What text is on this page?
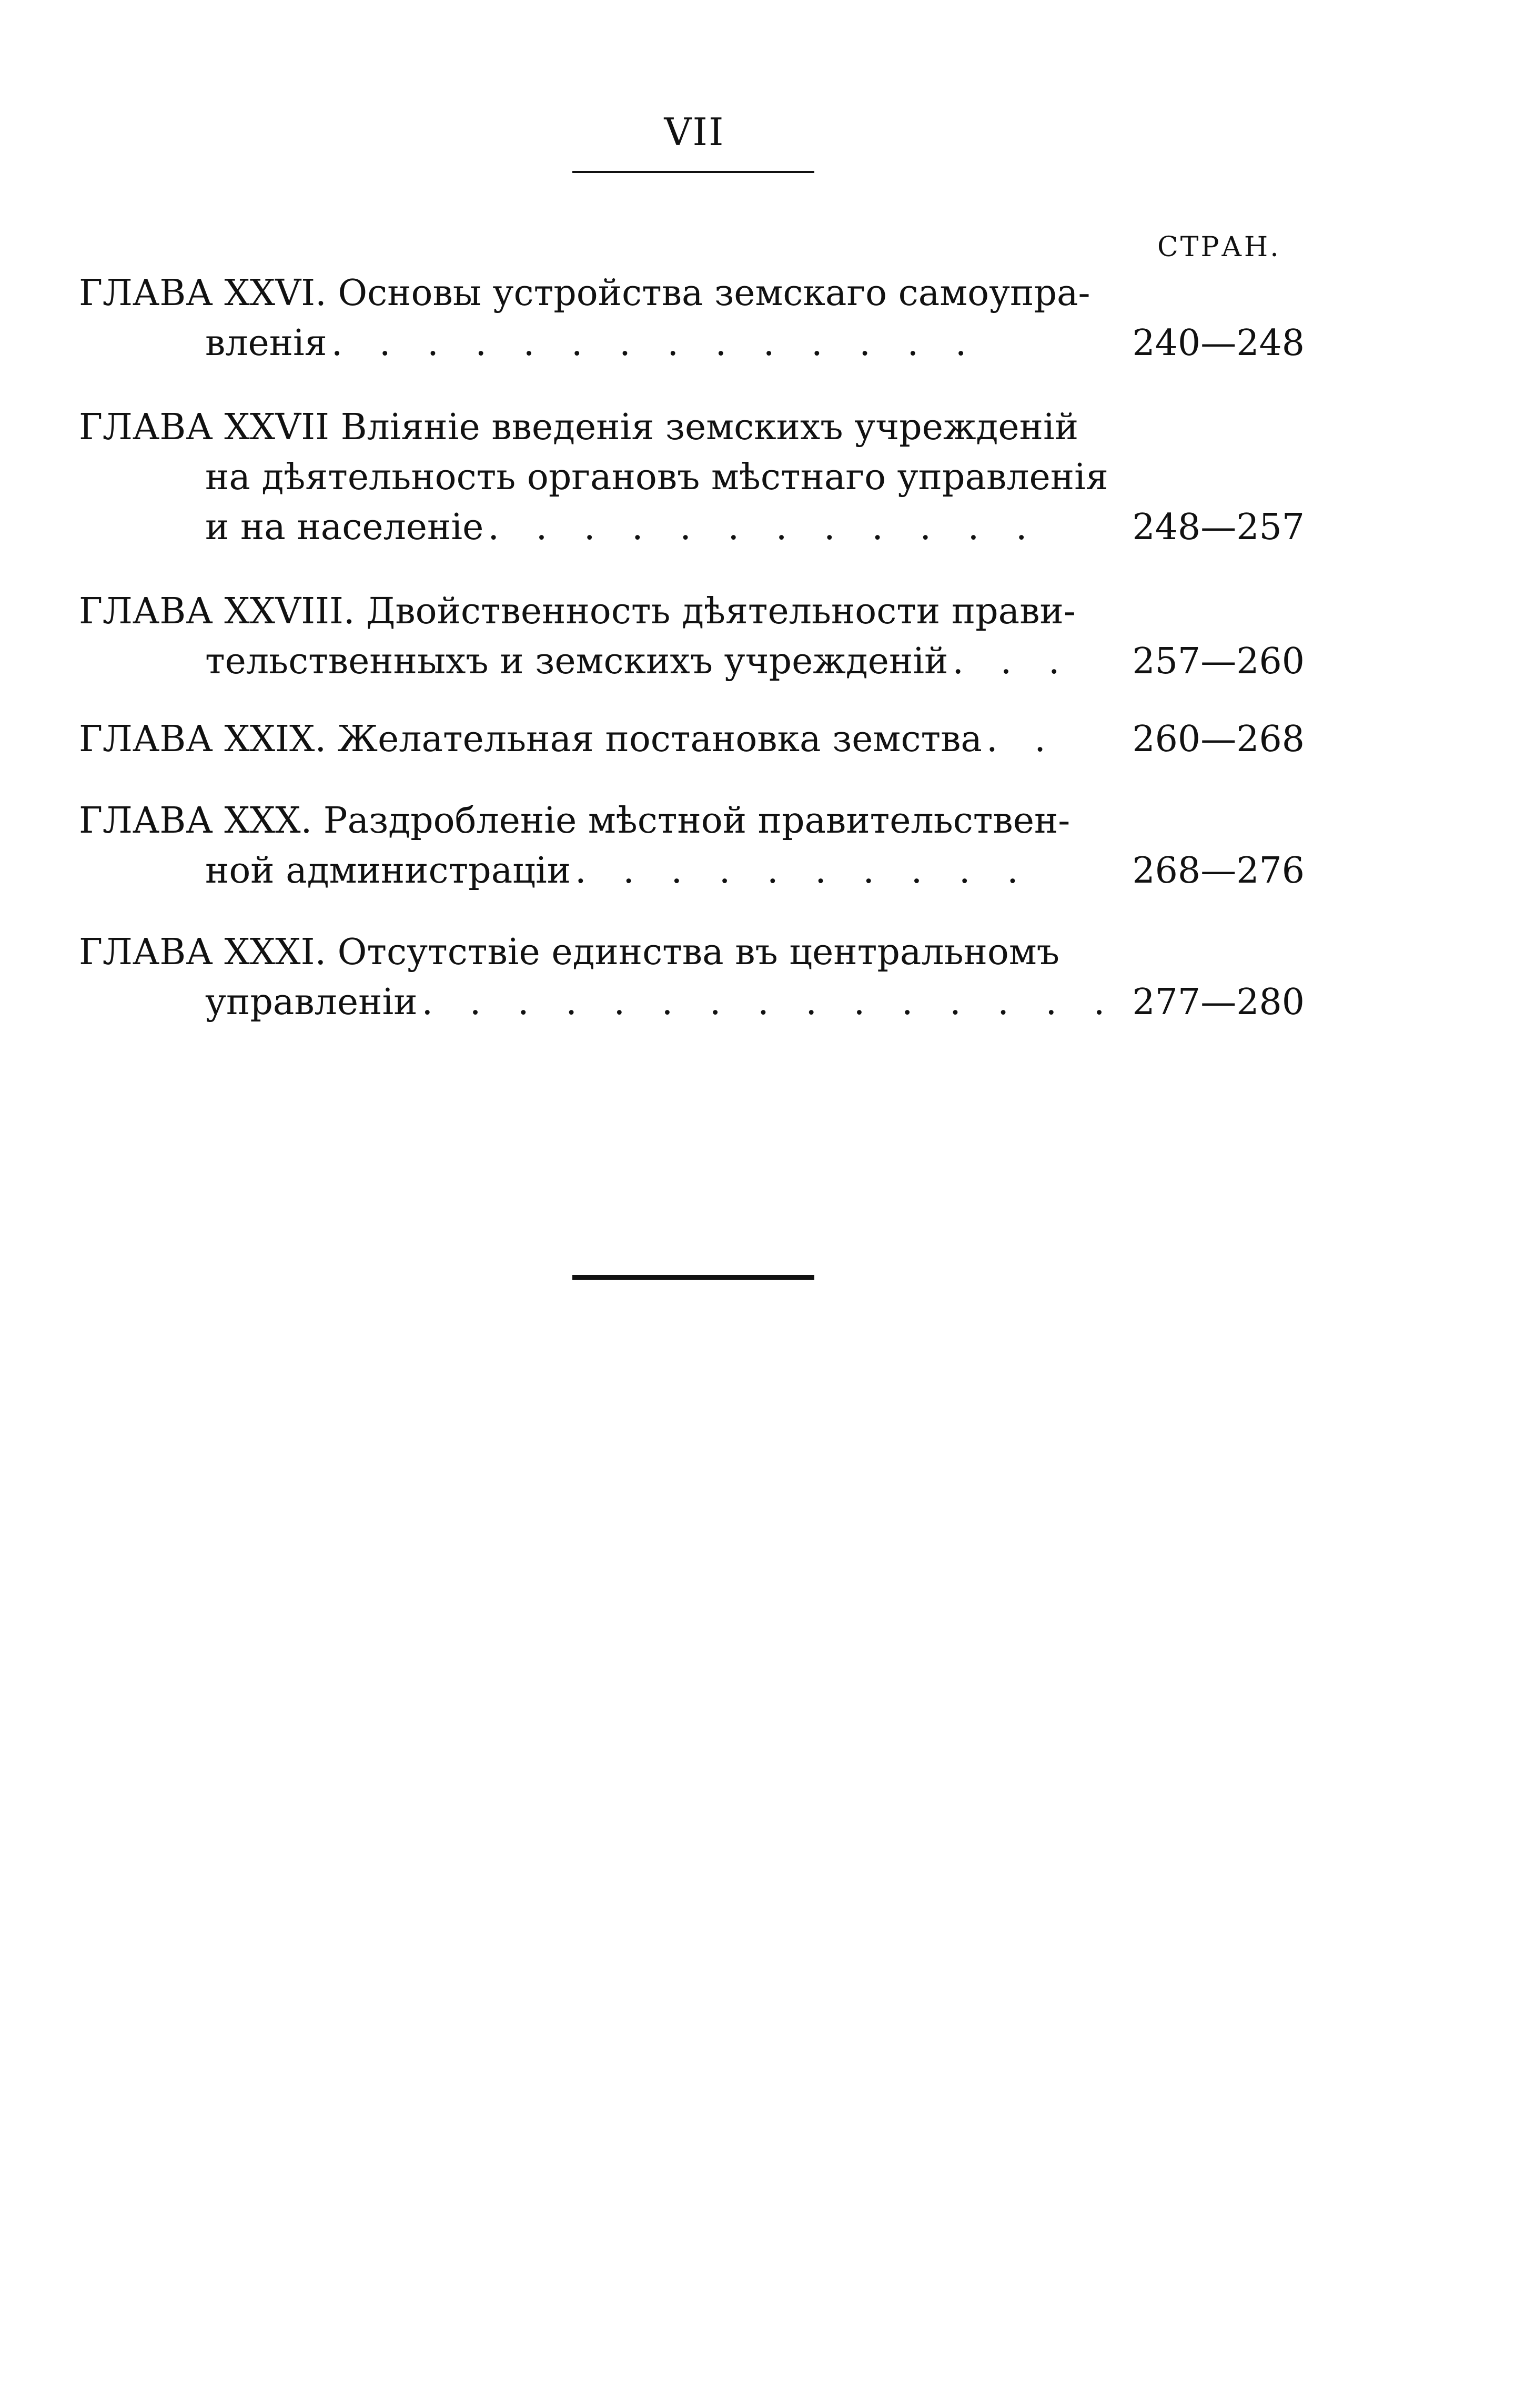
VII
СТРАН.
ГЛАВА XXVI. Основы устройства земскаго самоупра-
вленія . . . . . . . . . . . . . .	240—248
ГЛАВА XXVII Вліяніе введенія земскихъ учрежденій
на дѣятельность органовъ мѣстнаго управленія
и на населеніе . . . . . . . . . . . .	248—257
ГЛАВА XXVIII. Двойственность дѣятельности прави-
тельственныхъ и земскихъ учрежденій . . . 257—260
ГЛАВА XXIX. Желательная постановка земства . . 260—268
ГЛАВА XXX. Раздробленіе мѣстной правительствен-
ной администраціи . . . . . . . . . .	268—276
ГЛАВА XXXI. Отсутствіе единства въ центральномъ
управленіи . . . . . . . . . . . . . . . 277—280
